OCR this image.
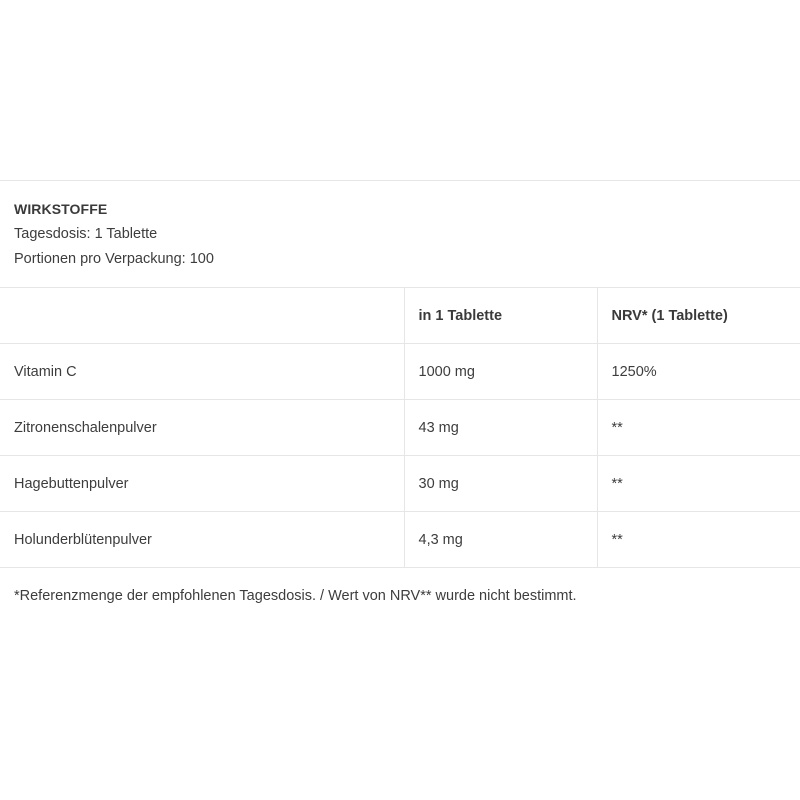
WIRKSTOFFE
Tagesdosis: 1 Tablette
Portionen pro Verpackung: 100
	in 1 Tablette	NRV* (1 Tablette)
Vitamin C	1000 mg	1250%
Zitronenschalenpulver	43 mg	**
Hagebuttenpulver	30 mg	**
Holunderblütenpulver	4,3 mg	**
*Referenzmenge der empfohlenen Tagesdosis. / Wert von NRV** wurde nicht bestimmt.
